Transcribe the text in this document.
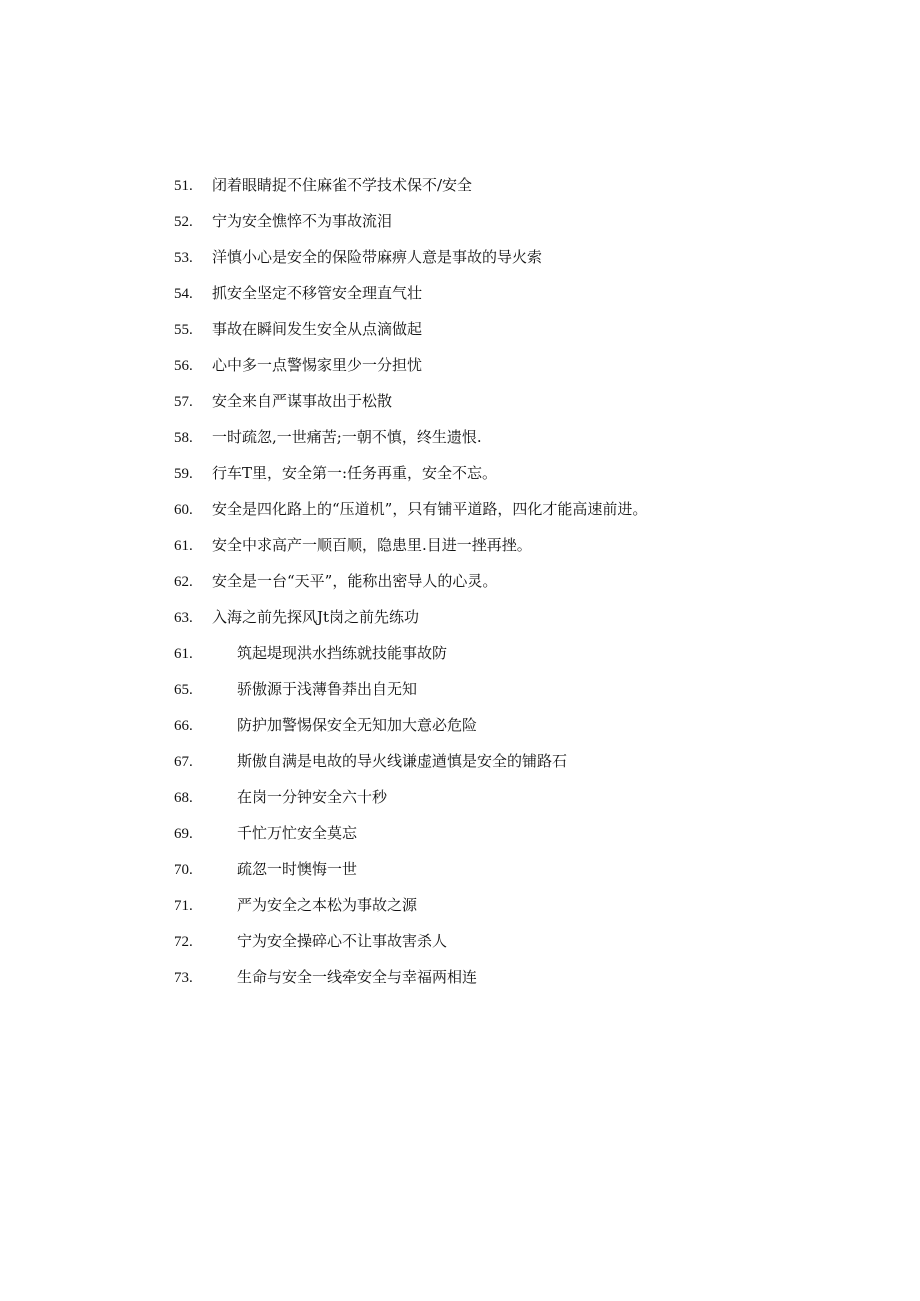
51.	闭着眼睛捉不住麻雀不学技术保不/安全
52.	宁为安全憔悴不为事故流泪
53.	洋慎小心是安全的保险带麻痹人意是事故的导火索
54.	抓安全坚定不移管安全理直气壮
55.	事故在瞬间发生安全从点滴做起
56.	心中多一点警惕家里少一分担忧
57.	安全来自严谋事故出于松散
58.	一时疏忽,一世痛苦;一朝不慎，终生遗恨.
59.	行车T里，安全第一:任务再重，安全不忘。
60.	安全是四化路上的“压道机”，只有铺平道路，四化才能高速前进。
61.	安全中求高产一顺百顺，隐患里.目进一挫再挫。
62.	安全是一台“天平”，能称出密导人的心灵。
63.	入海之前先探风Jt岗之前先练功
61.	筑起堤现洪水挡练就技能事故防
65.	骄傲源于浅薄鲁莽出自无知
66.	防护加警惕保安全无知加大意必危险
67.	斯傲自满是电故的导火线谦虚遒慎是安全的铺路石
68.	在岗一分钟安全六十秒
69.	千忙万忙安全莫忘
70.	疏忽一时懊悔一世
71.	严为安全之本松为事故之源
72.	宁为安全操碎心不让事故害杀人
73.	生命与安全一线牵安全与幸福两相连
